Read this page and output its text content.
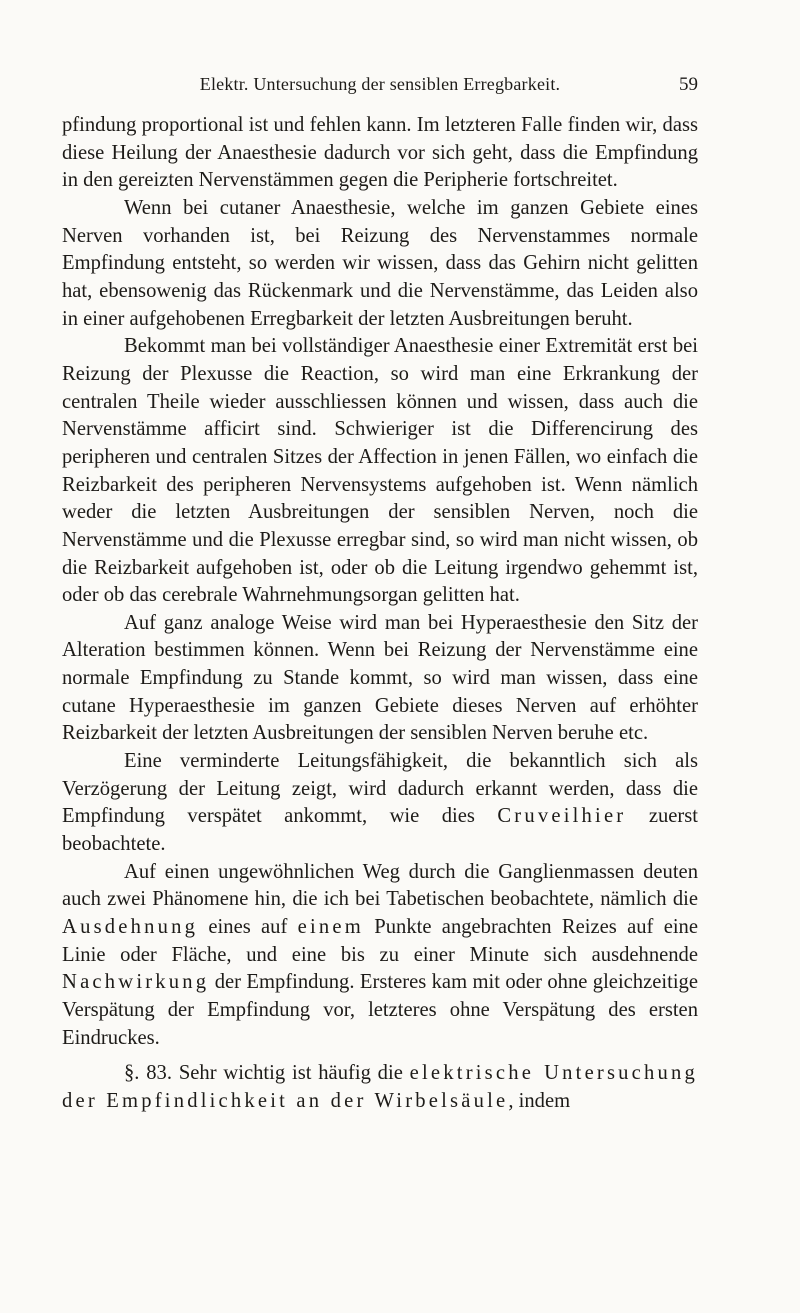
Elektr. Untersuchung der sensiblen Erregbarkeit.	59

pfindung proportional ist und fehlen kann. Im letzteren Falle finden wir, dass diese Heilung der Anaesthesie dadurch vor sich geht, dass die Empfindung in den gereizten Nervenstämmen gegen die Peripherie fortschreitet.

Wenn bei cutaner Anaesthesie, welche im ganzen Gebiete eines Nerven vorhanden ist, bei Reizung des Nervenstammes normale Empfindung entsteht, so werden wir wissen, dass das Gehirn nicht gelitten hat, ebensowenig das Rückenmark und die Nervenstämme, das Leiden also in einer aufgehobenen Erregbarkeit der letzten Ausbreitungen beruht.

Bekommt man bei vollständiger Anaesthesie einer Extremität erst bei Reizung der Plexusse die Reaction, so wird man eine Erkrankung der centralen Theile wieder ausschliessen können und wissen, dass auch die Nervenstämme afficirt sind. Schwieriger ist die Differencirung des peripheren und centralen Sitzes der Affection in jenen Fällen, wo einfach die Reizbarkeit des peripheren Nervensystems aufgehoben ist. Wenn nämlich weder die letzten Ausbreitungen der sensiblen Nerven, noch die Nervenstämme und die Plexusse erregbar sind, so wird man nicht wissen, ob die Reizbarkeit aufgehoben ist, oder ob die Leitung irgendwo gehemmt ist, oder ob das cerebrale Wahrnehmungsorgan gelitten hat.

Auf ganz analoge Weise wird man bei Hyperaesthesie den Sitz der Alteration bestimmen können. Wenn bei Reizung der Nervenstämme eine normale Empfindung zu Stande kommt, so wird man wissen, dass eine cutane Hyperaesthesie im ganzen Gebiete dieses Nerven auf erhöhter Reizbarkeit der letzten Ausbreitungen der sensiblen Nerven beruhe etc.

Eine verminderte Leitungsfähigkeit, die bekanntlich sich als Verzögerung der Leitung zeigt, wird dadurch erkannt werden, dass die Empfindung verspätet ankommt, wie dies Cruveilhier zuerst beobachtete.

Auf einen ungewöhnlichen Weg durch die Ganglienmassen deuten auch zwei Phänomene hin, die ich bei Tabetischen beobachtete, nämlich die Ausdehnung eines auf einem Punkte angebrachten Reizes auf eine Linie oder Fläche, und eine bis zu einer Minute sich ausdehnende Nachwirkung der Empfindung. Ersteres kam mit oder ohne gleichzeitige Verspätung der Empfindung vor, letzteres ohne Verspätung des ersten Eindruckes.

§. 83. Sehr wichtig ist häufig die elektrische Untersuchung der Empfindlichkeit an der Wirbelsäule, indem
